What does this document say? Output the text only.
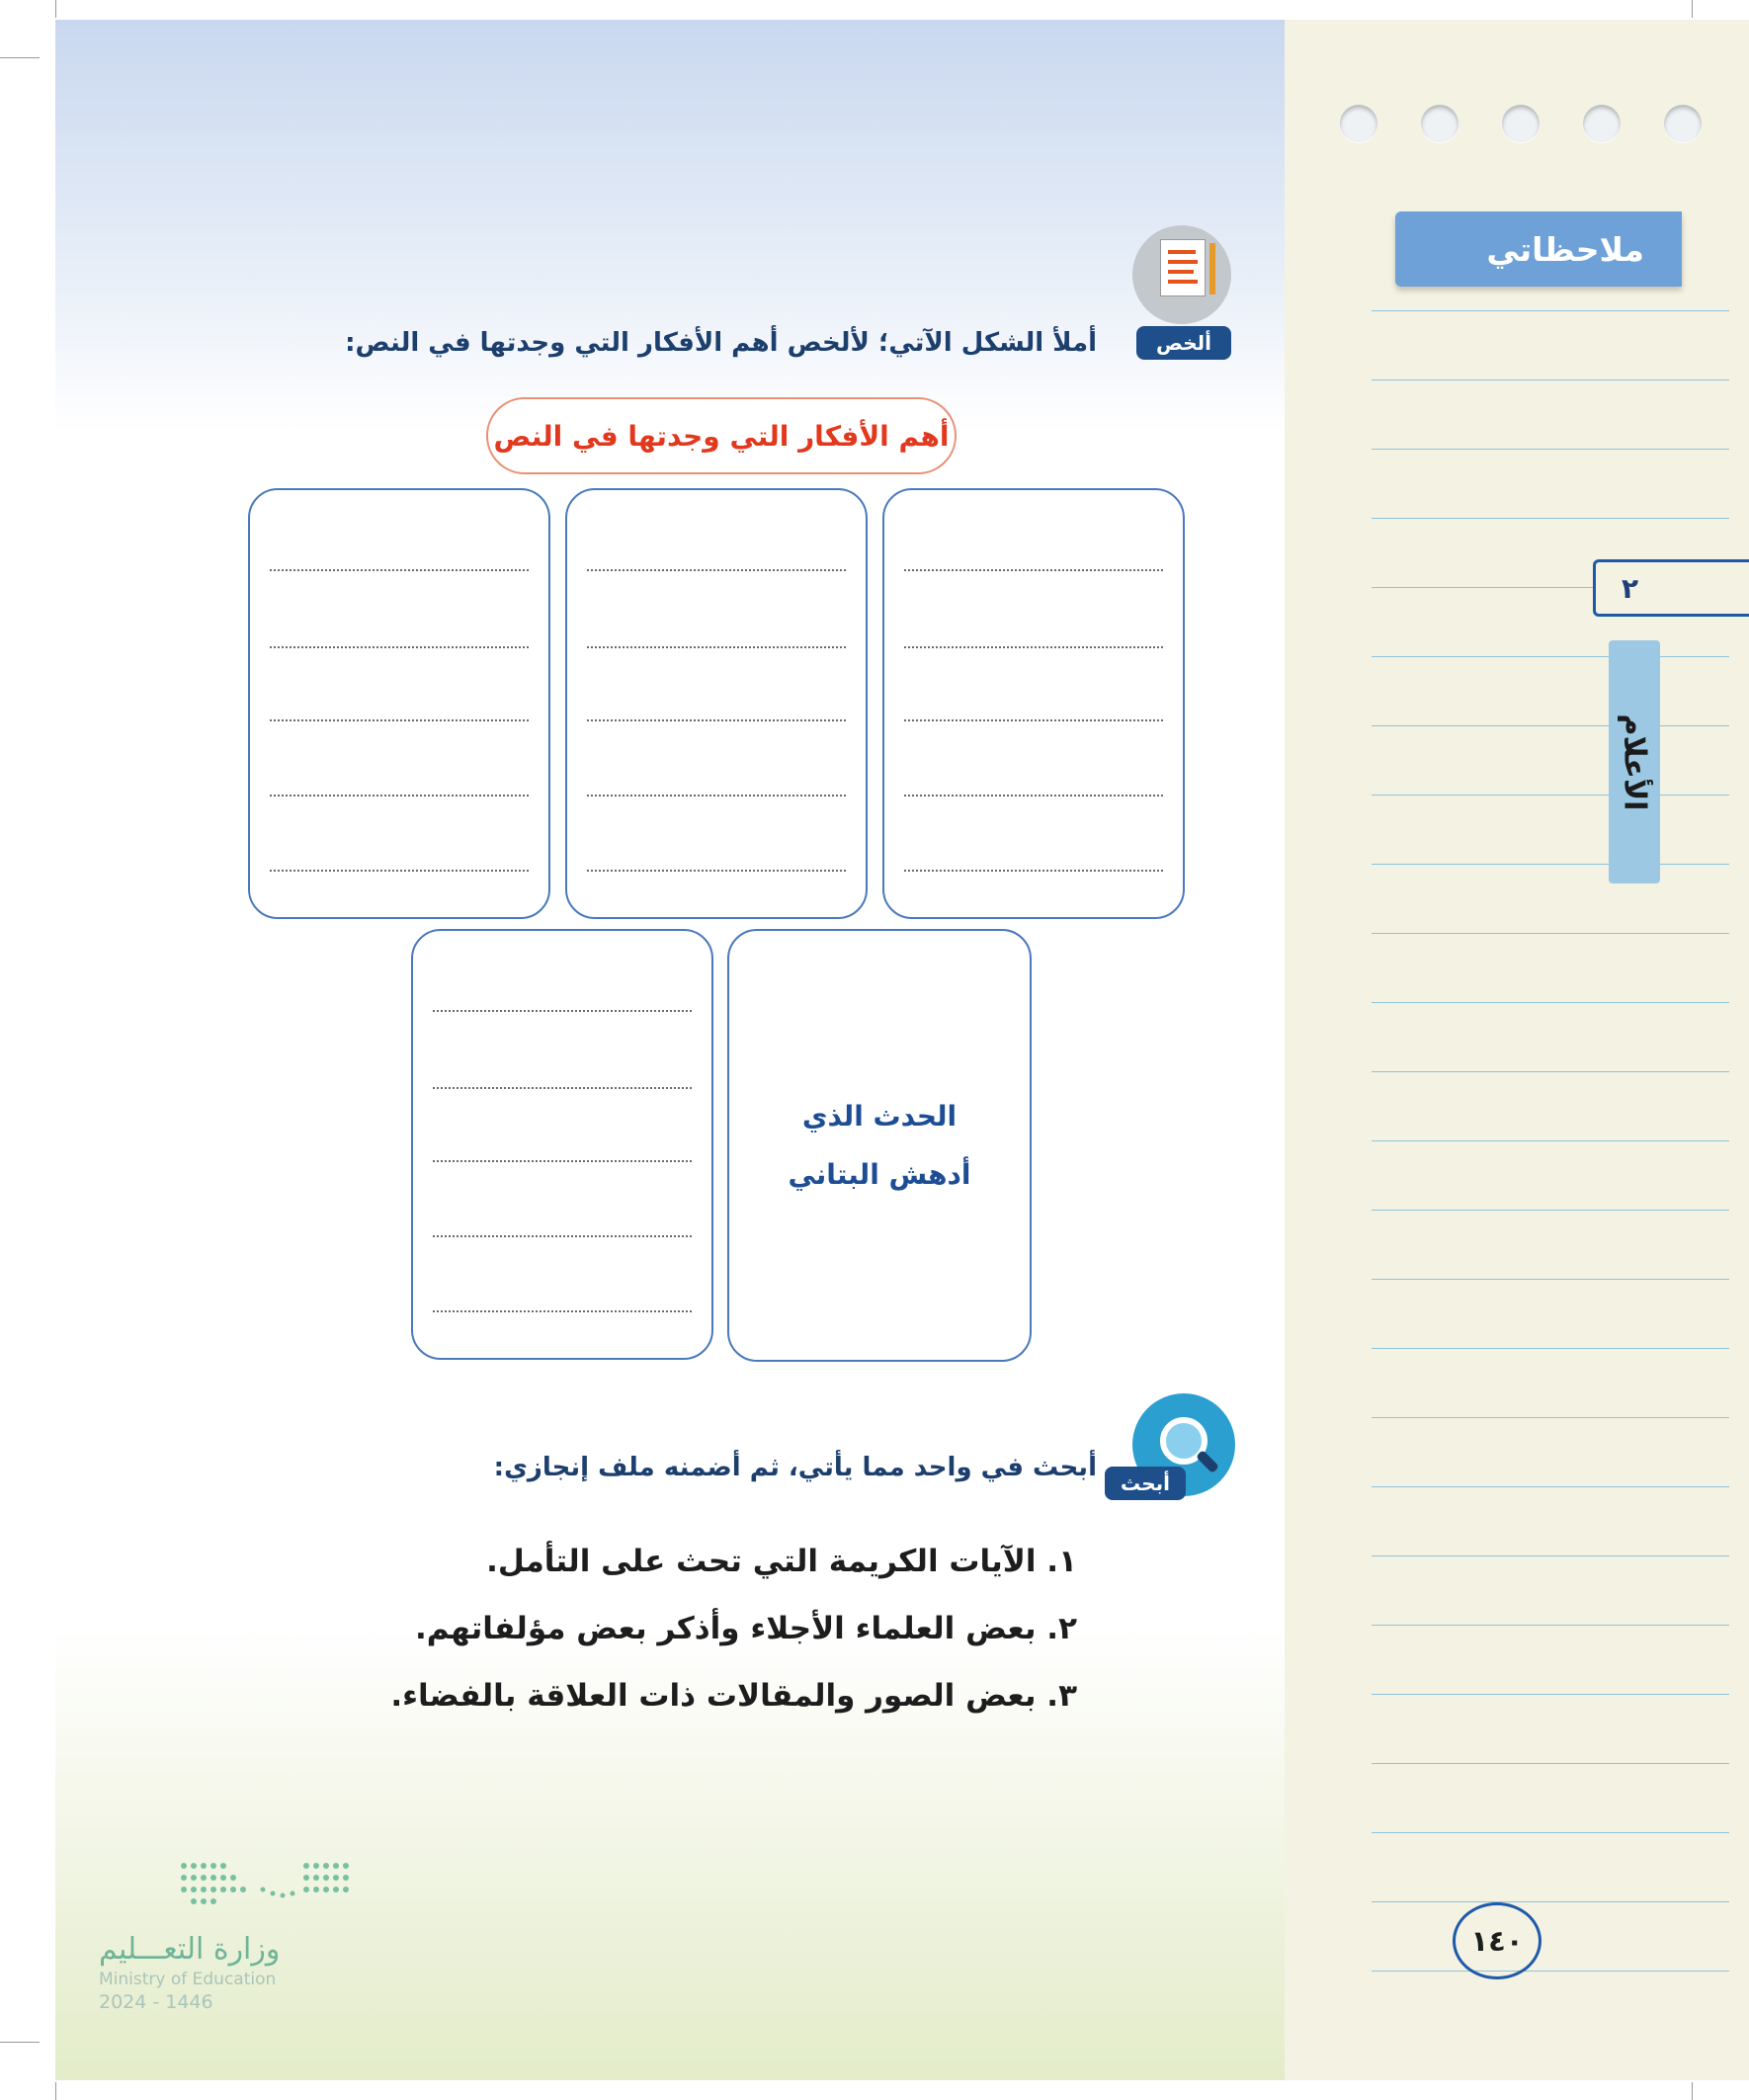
ملاحظاتي
٢
الأعلام
ألخص
أملأ الشكل الآتي؛ لألخص أهم الأفكار التي وجدتها في النص:
أهم الأفكار التي وجدتها في النص
الحدث الذي
أدهش البتاني
أبحث
أبحث في واحد مما يأتي، ثم أضمنه ملف إنجازي:
١. الآيات الكريمة التي تحث على التأمل.
٢. بعض العلماء الأجلاء وأذكر بعض مؤلفاتهم.
٣. بعض الصور والمقالات ذات العلاقة بالفضاء.
وزارة التعـــليم
Ministry of Education
2024 - 1446
١٤٠
